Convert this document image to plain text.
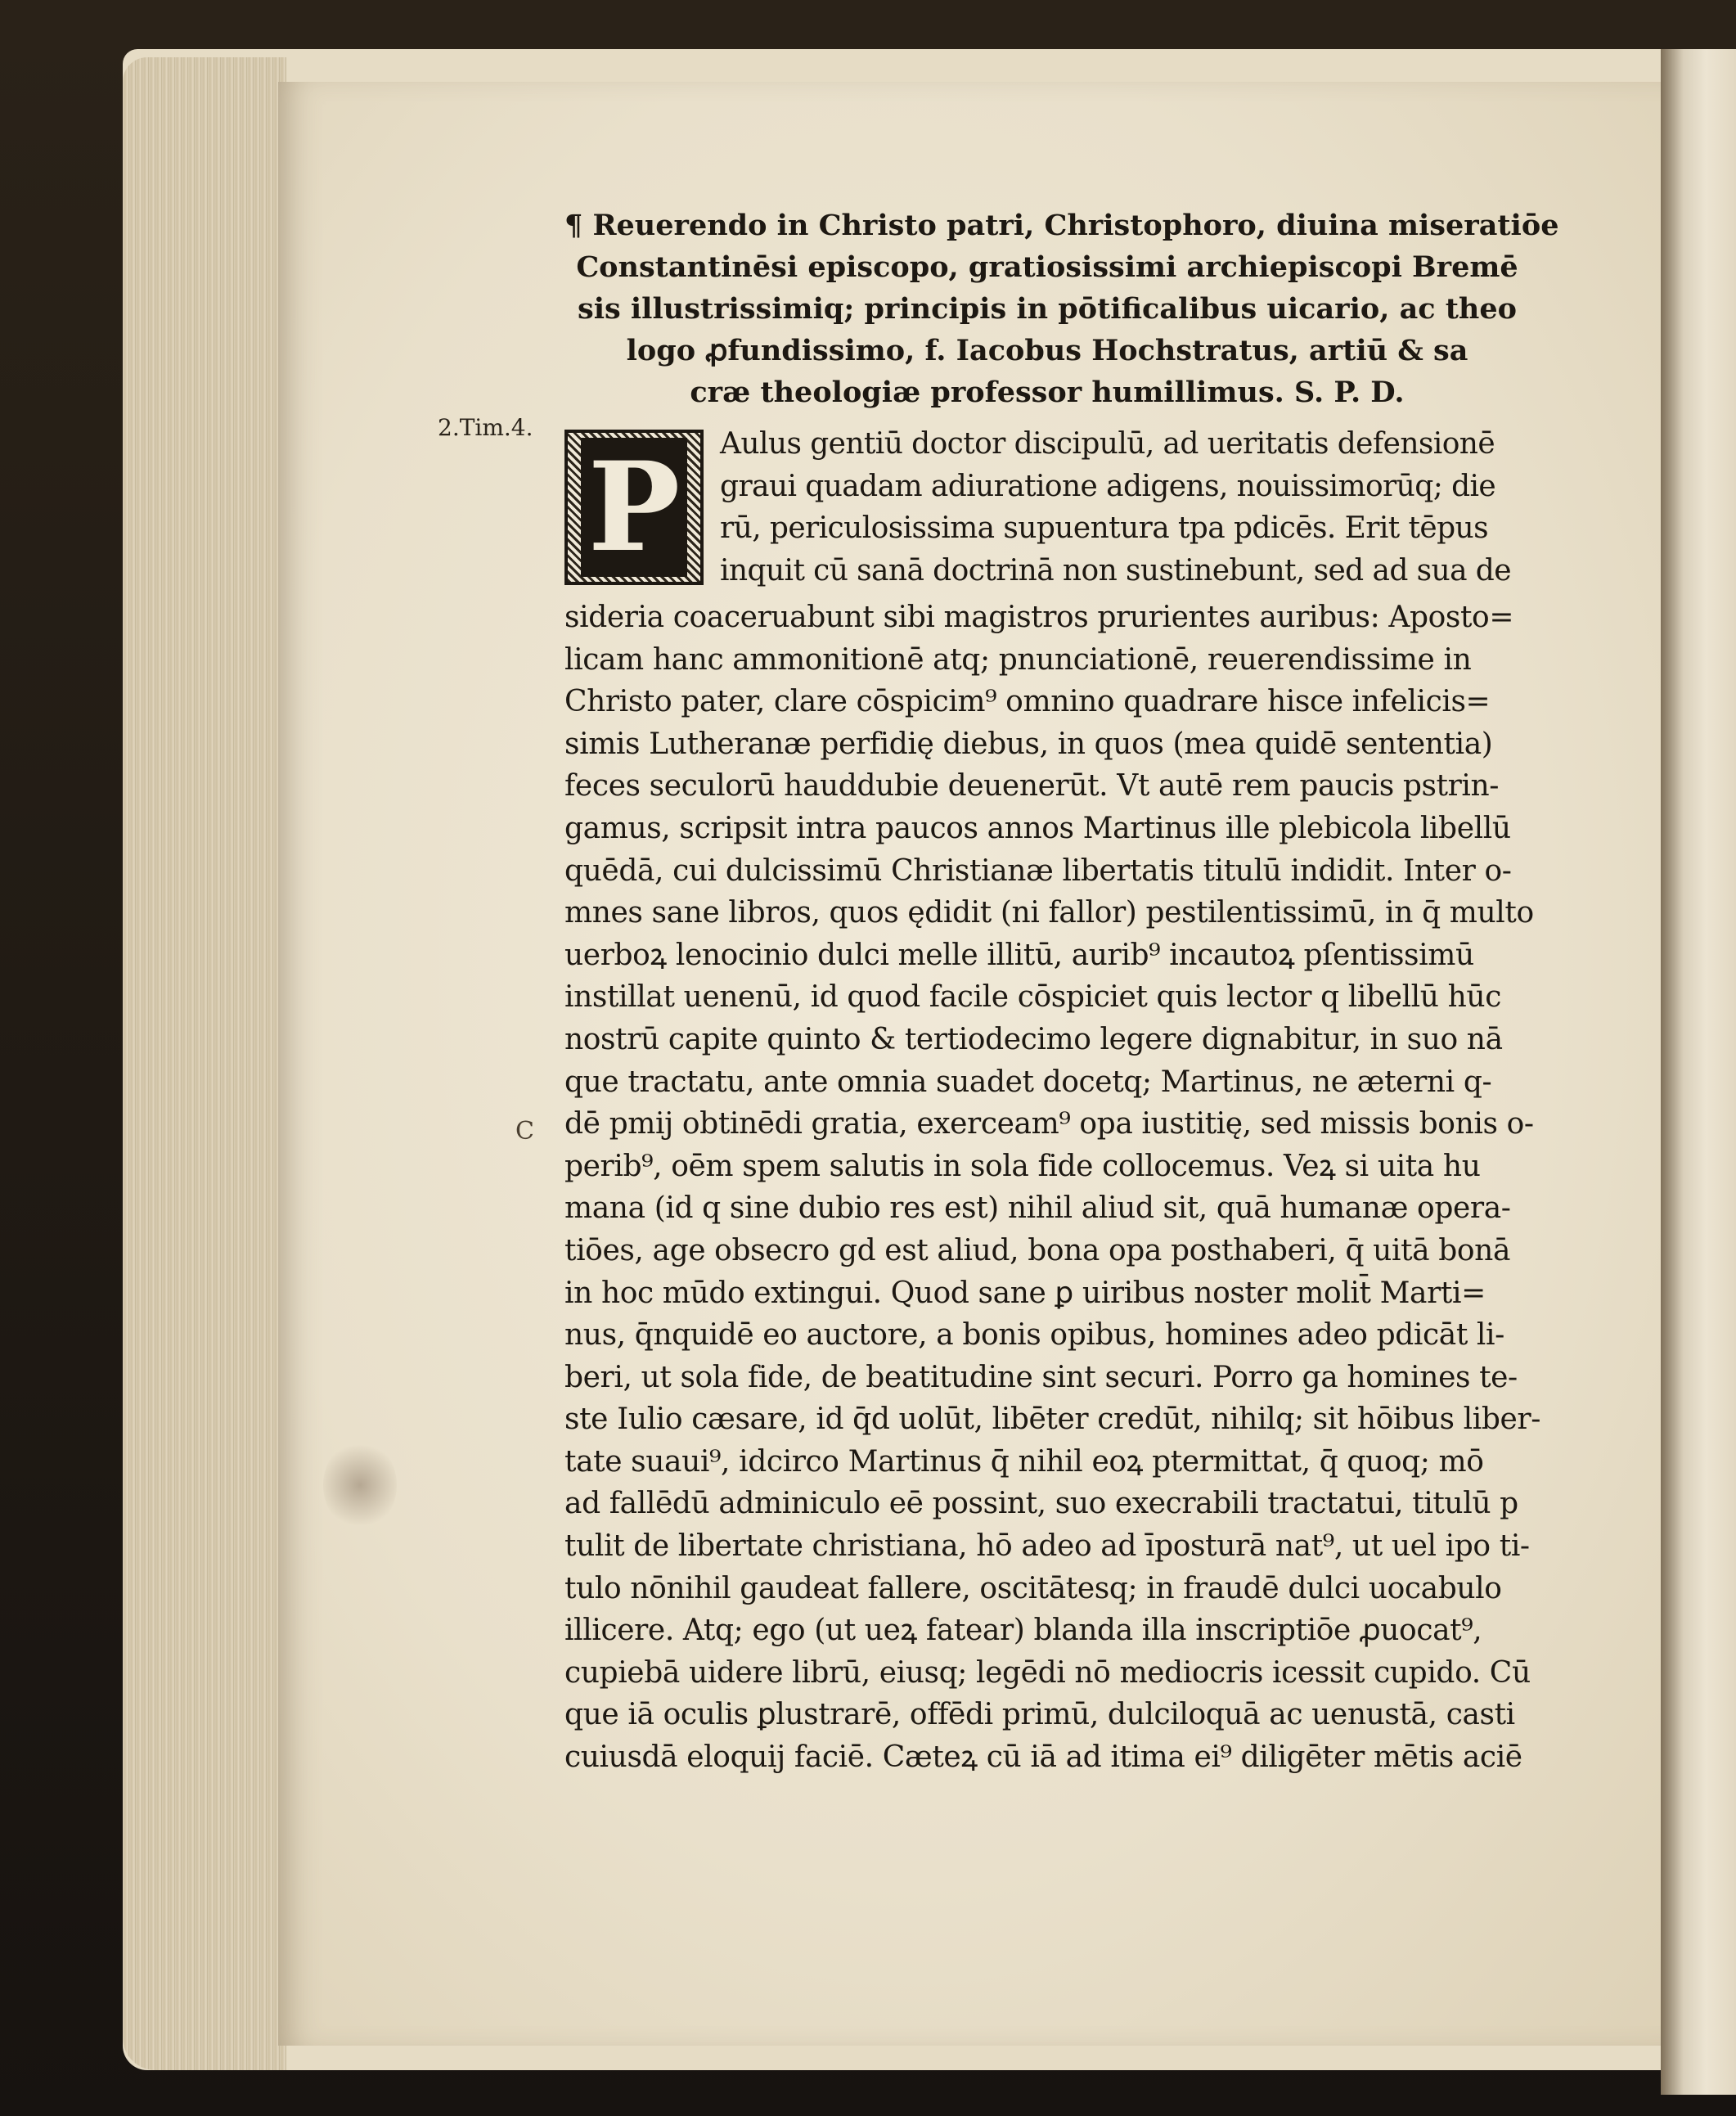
2.Tim.4.
C
¶ Reuerendo in Christo patri, Christophoro, diuina miseratiōe
Constantinēsi episcopo, gratiosissimi archiepiscopi Bremē
sis illustrissimiq; principis in pōtificalibus uicario, ac theo
logo ꝓfundissimo, f. Iacobus Hochstratus, artiū & sa
cræ theologiæ professor humillimus. S. P. D.
P Aulus gentiū doctor discipulū, ad ueritatis defensionē
graui quadam adiuratione adigens, nouissimorūq; die
rū, periculosissima supuentura tpa pdicēs. Erit tēpus
inquit cū sanā doctrinā non sustinebunt, sed ad sua de
sideria coaceruabunt sibi magistros prurientes auribus: Aposto=
licam hanc ammonitionē atq; pnunciationē, reuerendissime in
Christo pater, clare cōspicim⁹ omnino quadrare hisce infelicis=
simis Lutheranæ perfidię diebus, in quos (mea quidē sententia)
feces seculorū hauddubie deuenerūt. Vt autē rem paucis pstrin-
gamus, scripsit intra paucos annos Martinus ille plebicola libellū
quēdā, cui dulcissimū Christianæ libertatis titulū indidit. Inter o-
mnes sane libros, quos ędidit (ni fallor) pestilentissimū, in q̄ multo
uerboꝝ lenocinio dulci melle illitū, aurib⁹ incautoꝝ pſentissimū
instillat uenenū, id quod facile cōspiciet quis lector q libellū hūc
nostrū capite quinto & tertiodecimo legere dignabitur, in suo nā
que tractatu, ante omnia suadet docetq; Martinus, ne æterni q-
dē pmij obtinēdi gratia, exerceam⁹ opa iustitię, sed missis bonis o-
perib⁹, oēm spem salutis in sola fide collocemus. Veꝝ si uita hu
mana (id q sine dubio res est) nihil aliud sit, quā humanæ opera-
tiōes, age obsecro gd est aliud, bona opa posthaberi, q̄ uitā bonā
in hoc mūdo extingui. Quod sane ꝑ uiribus noster molit̄ Marti=
nus, q̄nquidē eo auctore, a bonis opibus, homines adeo pdicāt li-
beri, ut sola fide, de beatitudine sint securi. Porro ga homines te-
ste Iulio cæsare, id q̄d uolūt, libēter credūt, nihilq; sit hōibus liber-
tate suaui⁹, idcirco Martinus q̄ nihil eoꝝ ptermittat, q̄ quoq; mō
ad fallēdū adminiculo eē possint, suo execrabili tractatui, titulū p
tulit de libertate christiana, hō adeo ad īposturā nat⁹, ut uel ipo ti-
tulo nōnihil gaudeat fallere, oscitātesq; in fraudē dulci uocabulo
illicere. Atq; ego (ut ueꝝ fatear) blanda illa inscriptiōe ꝓuocat⁹,
cupiebā uidere librū, eiusq; legēdi nō mediocris icessit cupido. Cū
que iā oculis ꝑlustrarē, offēdi primū, dulciloquā ac uenustā, casti
cuiusdā eloquij faciē. Cæteꝝ cū iā ad itima ei⁹ diligēter mētis aciē
